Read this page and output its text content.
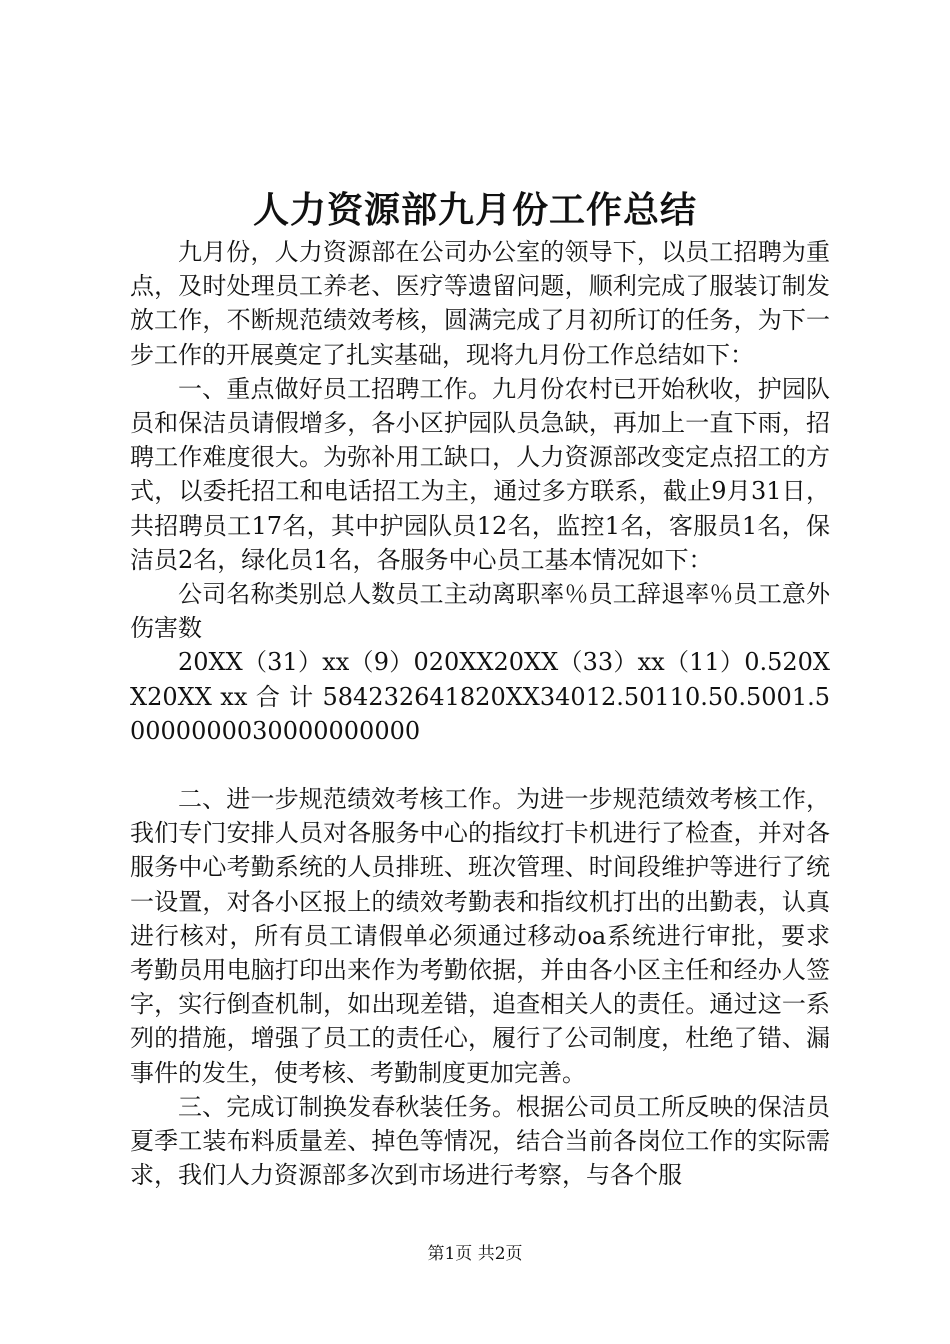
人力资源部九月份工作总结

九月份，人力资源部在公司办公室的领导下，以员工招聘为重点，及时处理员工养老、医疗等遗留问题，顺利完成了服装订制发放工作，不断规范绩效考核，圆满完成了月初所订的任务，为下一步工作的开展奠定了扎实基础，现将九月份工作总结如下：

一、重点做好员工招聘工作。九月份农村已开始秋收，护园队员和保洁员请假增多，各小区护园队员急缺，再加上一直下雨，招聘工作难度很大。为弥补用工缺口，人力资源部改变定点招工的方式，以委托招工和电话招工为主，通过多方联系，截止9月31日，共招聘员工17名，其中护园队员12名，监控1名，客服员1名，保洁员2名，绿化员1名，各服务中心员工基本情况如下：

公司名称类别总人数员工主动离职率％员工辞退率％员工意外伤害数

20XX（31）xx（9）020XX20XX（33）xx（11）0.520XX20XX xx 合 计 584232641820XX34012.50110.50.5001.50000000030000000000

二、进一步规范绩效考核工作。为进一步规范绩效考核工作，我们专门安排人员对各服务中心的指纹打卡机进行了检查，并对各服务中心考勤系统的人员排班、班次管理、时间段维护等进行了统一设置，对各小区报上的绩效考勤表和指纹机打出的出勤表，认真进行核对，所有员工请假单必须通过移动oa系统进行审批，要求考勤员用电脑打印出来作为考勤依据，并由各小区主任和经办人签字，实行倒查机制，如出现差错，追查相关人的责任。通过这一系列的措施，增强了员工的责任心，履行了公司制度，杜绝了错、漏事件的发生，使考核、考勤制度更加完善。

三、完成订制换发春秋装任务。根据公司员工所反映的保洁员夏季工装布料质量差、掉色等情况，结合当前各岗位工作的实际需求，我们人力资源部多次到市场进行考察，与各个服

第1页 共2页
